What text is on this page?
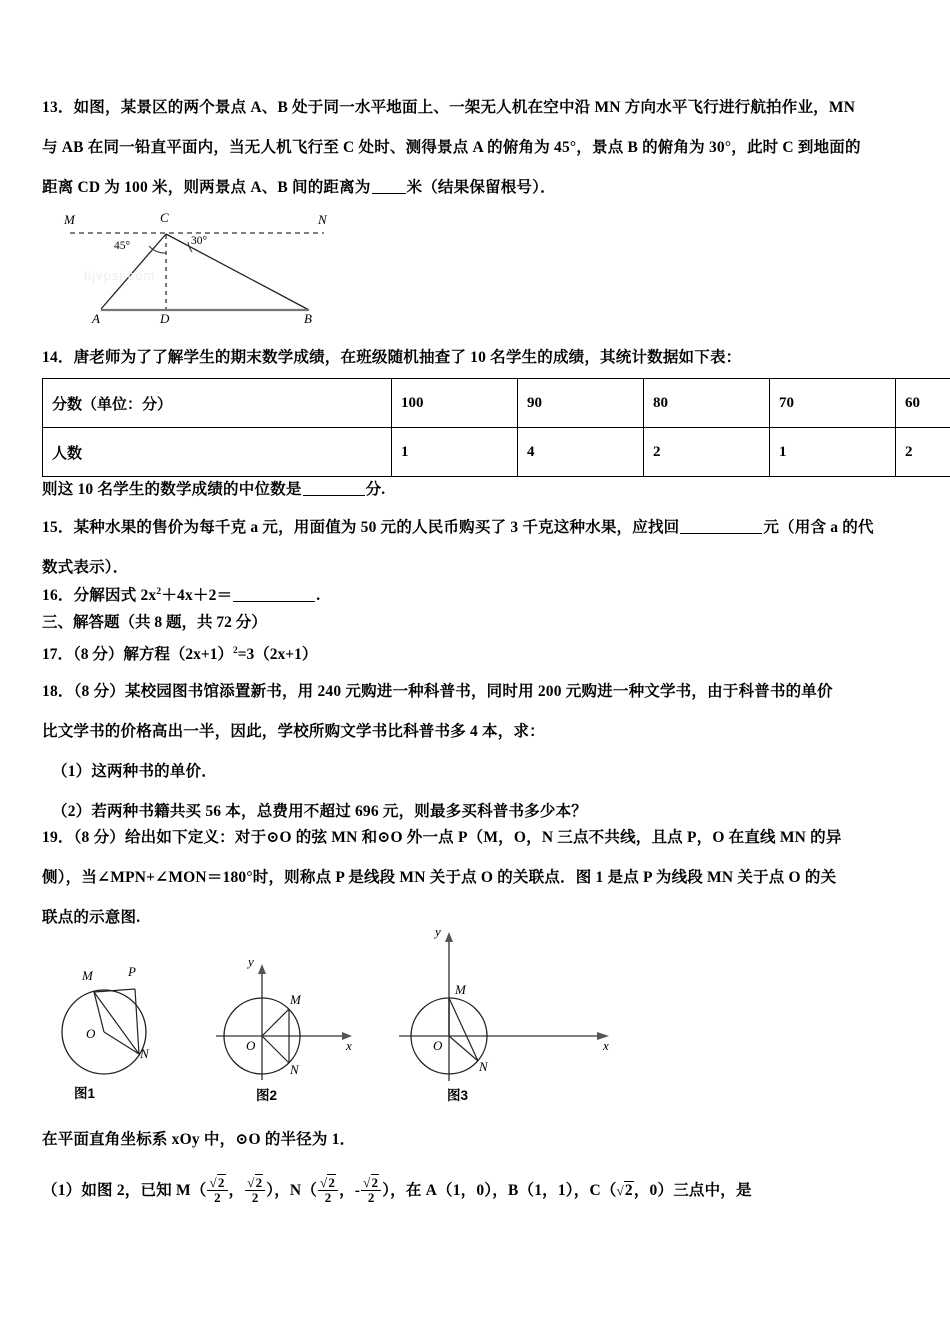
13．如图，某景区的两个景点 A、B 处于同一水平地面上、一架无人机在空中沿 MN 方向水平飞行进行航拍作业，MN
与 AB 在同一铅直平面内，当无人机飞行至 C 处时、测得景点 A 的俯角为 45°，景点 B 的俯角为 30°，此时 C 到地面的
距离 CD 为 100 米，则两景点 A、B 间的距离为 米（结果保留根号）．
M	C	N
45°	30°
A	D	B
hjvpsj.com
14．唐老师为了了解学生的期末数学成绩，在班级随机抽查了 10 名学生的成绩，其统计数据如下表：
分数（单位：分）	100	90	80	70	60
人数	1	4	2	1	2
则这 10 名学生的数学成绩的中位数是	分.
15．某种水果的售价为每千克 a 元，用面值为 50 元的人民币购买了 3 千克这种水果，应找回	元（用含 a 的代
数式表示）．
16．分解因式 $2x^2+4x+2=$	.
三、解答题（共 8 题，共 72 分）
17．（8 分）解方程$(2x+1)^2=3(2x+1)$
18．（8 分）某校园图书馆添置新书，用 240 元购进一种科普书，同时用 200 元购进一种文学书，由于科普书的单价
比文学书的价格高出一半，因此，学校所购文学书比科普书多 4 本，求：
（1）这两种书的单价．
（2）若两种书籍共买 56 本，总费用不超过 696 元，则最多买科普书多少本？
19．（8 分）给出如下定义：对于⊙O 的弦 MN 和⊙O 外一点 P（M，O，N 三点不共线，且点 P，O 在直线 MN 的异
侧），当∠MPN+∠MON＝180°时，则称点 P 是线段 MN 关于点 O 的关联点．图 1 是点 P 为线段 MN 关于点 O 的关
联点的示意图.
M	P
O
N
图1
y
x
O
M
N
图2
y
x
O
M
N
图3
在平面直角坐标系 xOy 中，⊙O 的半径为 1．
（1）如图 2，已知 $M( \frac{√2}{2}$ ， $\frac{√2}{2}$ ），$N( \frac{√2}{2}$ ，- $\frac{√2}{2}$ ），在 A（1，0），B（1，1），C（√2，0）三点中，是
